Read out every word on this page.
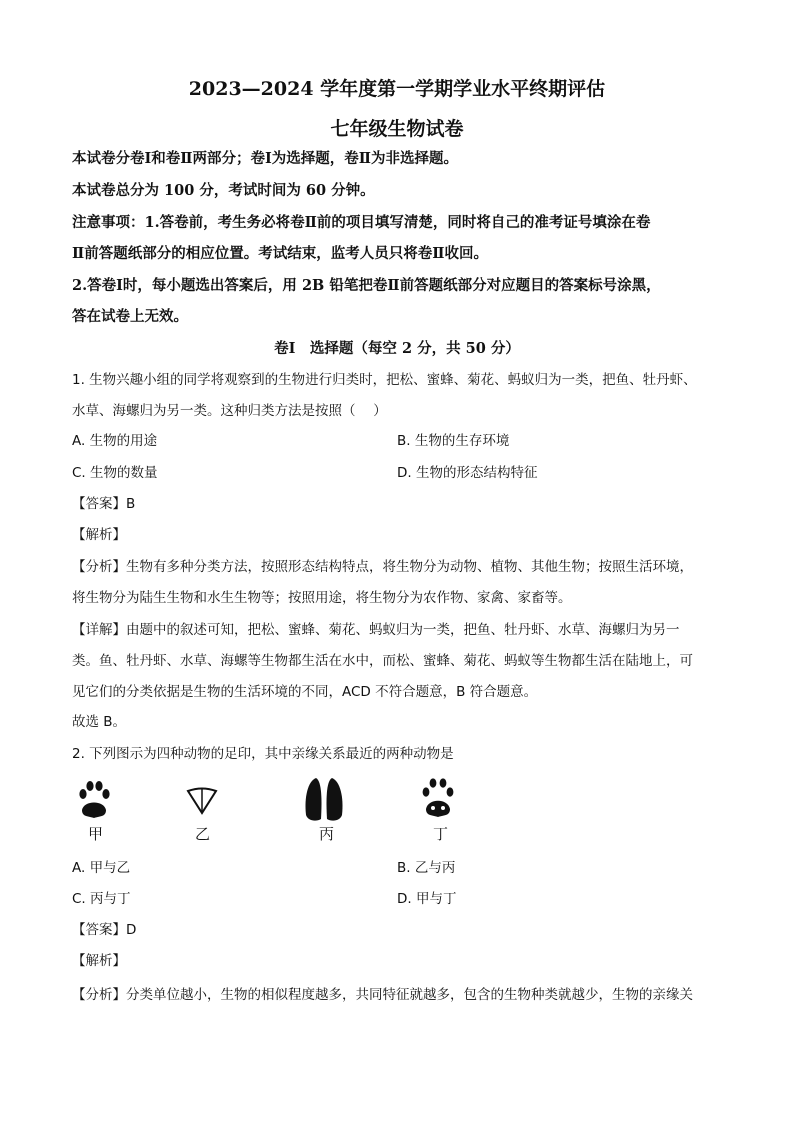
2023—2024 学年度第一学期学业水平终期评估
七年级生物试卷
本试卷分卷Ⅰ和卷Ⅱ两部分；卷Ⅰ为选择题，卷Ⅱ为非选择题。
本试卷总分为 100 分，考试时间为 60 分钟。
注意事项：1.答卷前，考生务必将卷Ⅱ前的项目填写清楚，同时将自己的准考证号填涂在卷
Ⅱ前答题纸部分的相应位置。考试结束，监考人员只将卷Ⅱ收回。
2.答卷Ⅰ时，每小题选出答案后，用 2B 铅笔把卷Ⅱ前答题纸部分对应题目的答案标号涂黑，
答在试卷上无效。
卷Ⅰ　选择题（每空 2 分，共 50 分）
1. 生物兴趣小组的同学将观察到的生物进行归类时，把松、蜜蜂、菊花、蚂蚁归为一类，把鱼、牡丹虾、
水草、海螺归为另一类。这种归类方法是按照（　 ）
A. 生物的用途	B. 生物的生存环境
C. 生物的数量	D. 生物的形态结构特征
【答案】B
【解析】
【分析】生物有多种分类方法，按照形态结构特点，将生物分为动物、植物、其他生物；按照生活环境，
将生物分为陆生生物和水生生物等；按照用途，将生物分为农作物、家禽、家畜等。
【详解】由题中的叙述可知，把松、蜜蜂、菊花、蚂蚁归为一类，把鱼、牡丹虾、水草、海螺归为另一
类。鱼、牡丹虾、水草、海螺等生物都生活在水中，而松、蜜蜂、菊花、蚂蚁等生物都生活在陆地上，可
见它们的分类依据是生物的生活环境的不同，ACD 不符合题意，B 符合题意。
故选 B。
2. 下列图示为四种动物的足印，其中亲缘关系最近的两种动物是
甲	乙	丙	丁
A. 甲与乙	B. 乙与丙
C. 丙与丁	D. 甲与丁
【答案】D
【解析】
【分析】分类单位越小，生物的相似程度越多，共同特征就越多，包含的生物种类就越少，生物的亲缘关
